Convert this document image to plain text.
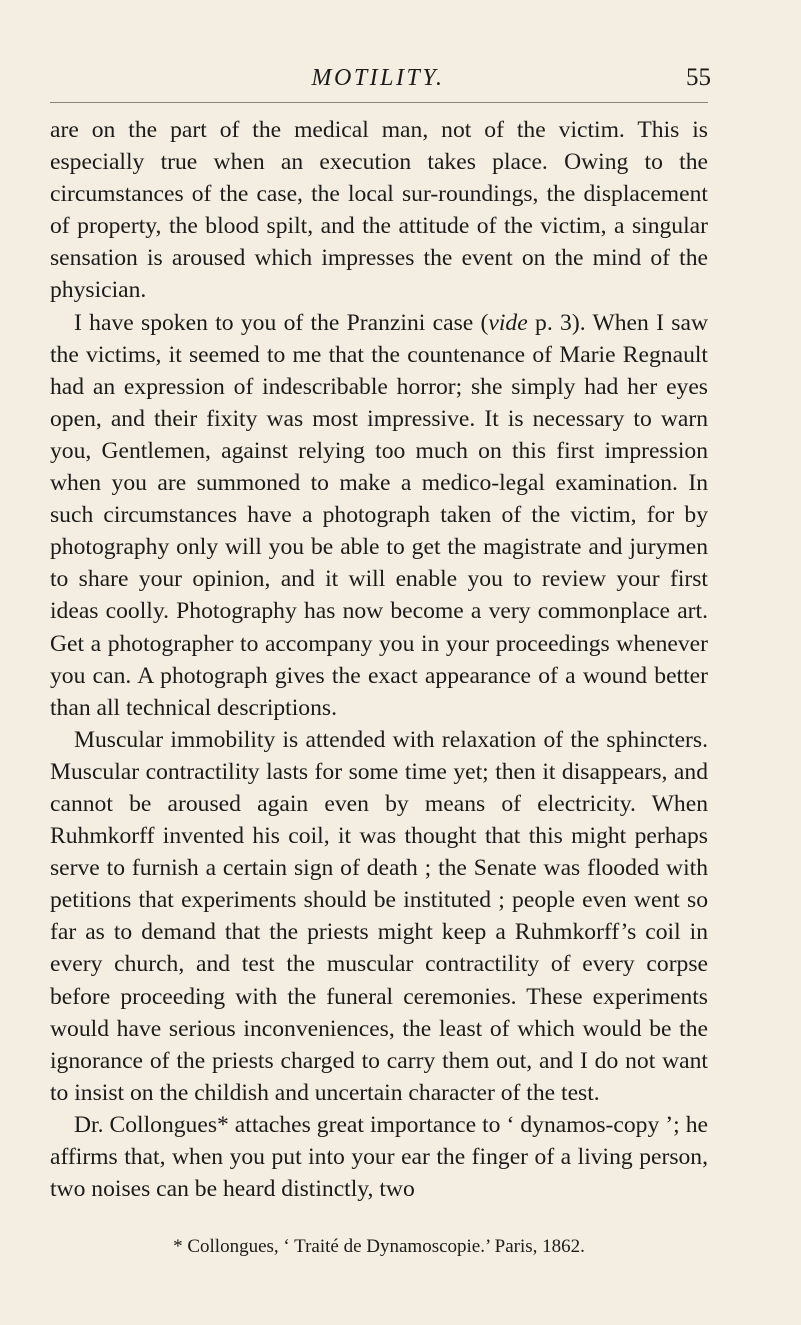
MOTILITY.	55

are on the part of the medical man, not of the victim. This is especially true when an execution takes place. Owing to the circumstances of the case, the local sur-roundings, the displacement of property, the blood spilt, and the attitude of the victim, a singular sensation is aroused which impresses the event on the mind of the physician.

I have spoken to you of the Pranzini case (vide p. 3). When I saw the victims, it seemed to me that the countenance of Marie Regnault had an expression of indescribable horror; she simply had her eyes open, and their fixity was most impressive. It is necessary to warn you, Gentlemen, against relying too much on this first impression when you are summoned to make a medico-legal examination. In such circumstances have a photograph taken of the victim, for by photography only will you be able to get the magistrate and jurymen to share your opinion, and it will enable you to review your first ideas coolly. Photography has now become a very commonplace art. Get a photographer to accompany you in your proceedings whenever you can. A photograph gives the exact appearance of a wound better than all technical descriptions.

Muscular immobility is attended with relaxation of the sphincters. Muscular contractility lasts for some time yet; then it disappears, and cannot be aroused again even by means of electricity. When Ruhmkorff invented his coil, it was thought that this might perhaps serve to furnish a certain sign of death ; the Senate was flooded with petitions that experiments should be instituted ; people even went so far as to demand that the priests might keep a Ruhmkorff’s coil in every church, and test the muscular contractility of every corpse before proceeding with the funeral ceremonies. These experiments would have serious inconveniences, the least of which would be the ignorance of the priests charged to carry them out, and I do not want to insist on the childish and uncertain character of the test.

Dr. Collongues* attaches great importance to ‘ dynamos-copy ’; he affirms that, when you put into your ear the finger of a living person, two noises can be heard distinctly, two

* Collongues, ‘ Traité de Dynamoscopie.’ Paris, 1862.
